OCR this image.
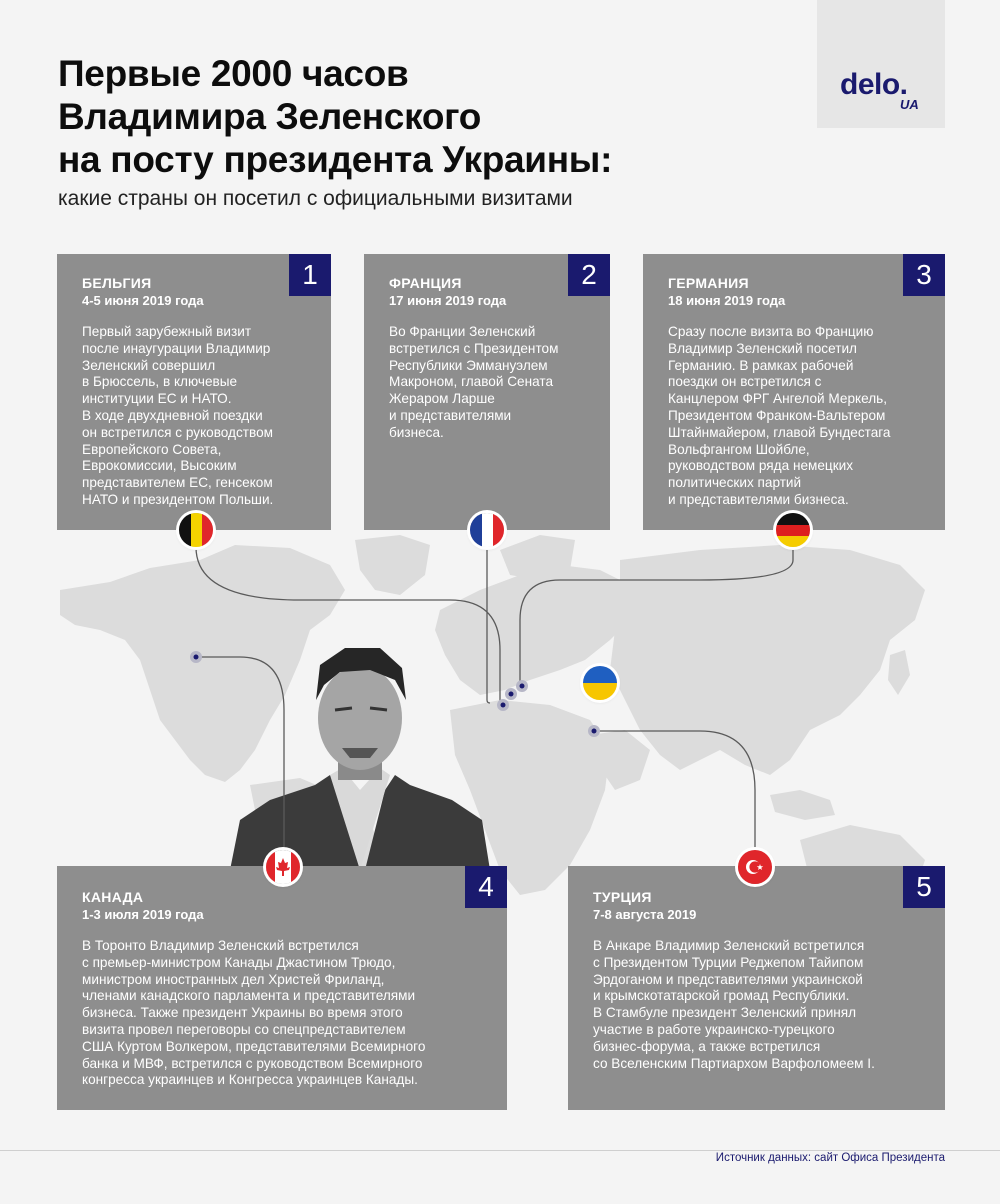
Первые 2000 часов
Владимира Зеленского
на посту президента Украины:
какие страны он посетил с официальными визитами
delo.
UA
1
БЕЛЬГИЯ
4-5 июня 2019 года

Первый зарубежный визит
после инаугурации Владимир
Зеленский совершил
в Брюссель, в ключевые
институции ЕС и НАТО.
В ходе двухдневной поездки
он встретился с руководством
Европейского Совета,
Еврокомиссии, Высоким
представителем ЕС, генсеком
НАТО и президентом Польши.

2
ФРАНЦИЯ
17 июня 2019 года

Во Франции Зеленский
встретился с Президентом
Республики Эммануэлем
Макроном, главой Сената
Жераром Ларше
и представителями
бизнеса.

3
ГЕРМАНИЯ
18 июня 2019 года

Сразу после визита во Францию
Владимир Зеленский посетил
Германию. В рамках рабочей
поездки он встретился с
Канцлером ФРГ Ангелой Меркель,
Президентом Франком-Вальтером
Штайнмайером, главой Бундестага
Вольфгангом Шойбле,
руководством ряда немецких
политических партий
и представителями бизнеса.

4
КАНАДА
1-3 июля 2019 года

В Торонто Владимир Зеленский встретился
с премьер-министром Канады Джастином Трюдо,
министром иностранных дел Христей Фриланд,
членами канадского парламента и представителями
бизнеса. Также президент Украины во время этого
визита провел переговоры со спецпредставителем
США Куртом Волкером, представителями Всемирного
банка и МВФ, встретился с руководством Всемирного
конгресса украинцев и Конгресса украинцев Канады.

5
ТУРЦИЯ
7-8 августа 2019

В Анкаре Владимир Зеленский встретился
с Президентом Турции Реджепом Тайипом
Эрдоганом и представителями украинской
и крымскотатарской громад Республики.
В Стамбуле президент Зеленский принял
участие в работе украинско-турецкого
бизнес-форума, а также встретился
со Вселенским Партиархом Варфоломеем I.

Источник данных: сайт Офиса Президента
